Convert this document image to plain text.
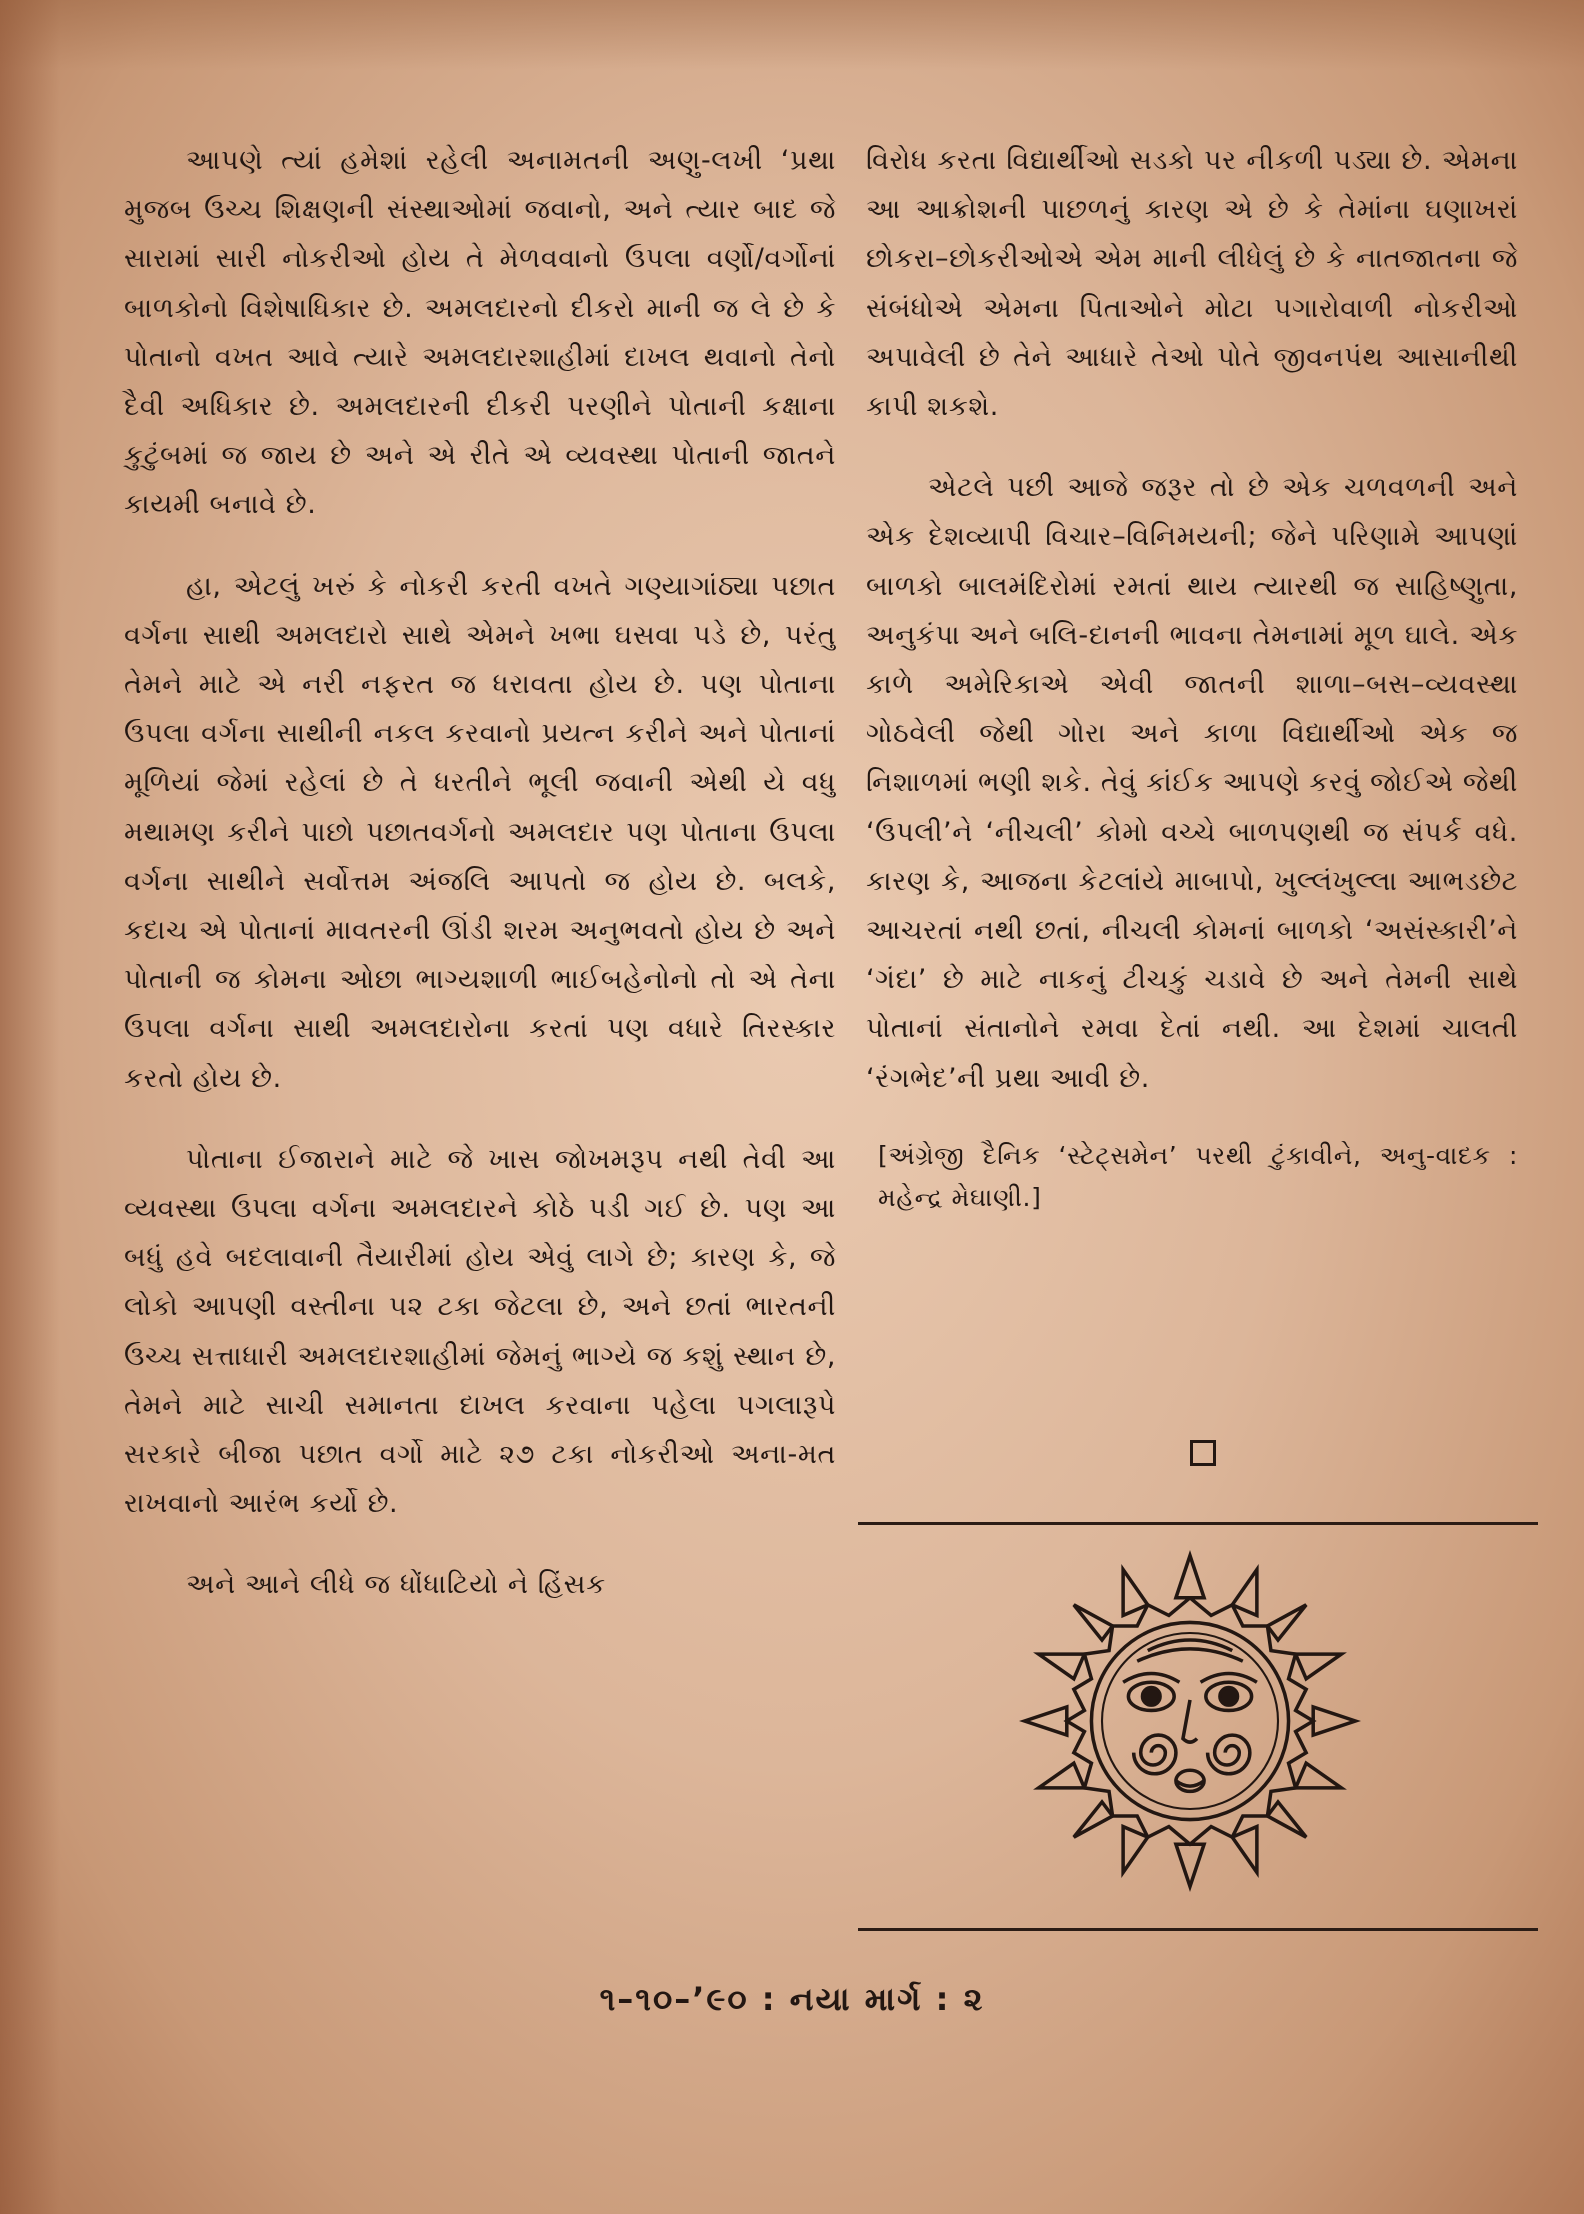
આપણે ત્યાં હમેશાં રહેલી અનામતની અણુ-લખી ‘પ્રથા મુજબ ઉચ્ચ શિક્ષણની સંસ્થાઓમાં જવાનો, અને ત્યાર બાદ જે સારામાં સારી નોકરીઓ હોય તે મેળવવાનો ઉપલા વર્ણો/વર્ગોનાં બાળકોનો વિશેષાધિકાર છે. અમલદારનો દીકરો માની જ લે છે કે પોતાનો વખત આવે ત્યારે અમલદારશાહીમાં દાખલ થવાનો તેનો દૈવી અધિકાર છે. અમલદારની દીકરી પરણીને પોતાની કક્ષાના કુટુંબમાં જ જાય છે અને એ રીતે એ વ્યવસ્થા પોતાની જાતને કાયમી બનાવે છે.

હા, એટલું ખરું કે નોકરી કરતી વખતે ગણ્યાગાંઠ્યા પછાત વર્ગના સાથી અમલદારો સાથે એમને ખભા ઘસવા પડે છે, પરંતુ તેમને માટે એ નરી નફરત જ ધરાવતા હોય છે. પણ પોતાના ઉપલા વર્ગના સાથીની નકલ કરવાનો પ્રયત્ન કરીને અને પોતાનાં મૂળિયાં જેમાં રહેલાં છે તે ધરતીને ભૂલી જવાની એથી યે વધુ મથામણ કરીને પાછો પછાતવર્ગનો અમલદાર પણ પોતાના ઉપલા વર્ગના સાથીને સર્વોત્તમ અંજલિ આપતો જ હોય છે. બલકે, કદાચ એ પોતાનાં માવતરની ઊંડી શરમ અનુભવતો હોય છે અને પોતાની જ કોમના ઓછા ભાગ્યશાળી ભાઈબહેનોનો તો એ તેના ઉપલા વર્ગના સાથી અમલદારોના કરતાં પણ વધારે તિરસ્કાર કરતો હોય છે.

પોતાના ઈજારાને માટે જે ખાસ જોખમરૂપ નથી તેવી આ વ્યવસ્થા ઉપલા વર્ગના અમલદારને કોઠે પડી ગઈ છે. પણ આ બધું હવે બદલાવાની તૈયારીમાં હોય એવું લાગે છે; કારણ કે, જે લોકો આપણી વસ્તીના ૫૨ ટકા જેટલા છે, અને છતાં ભારતની ઉચ્ચ સત્તાધારી અમલદારશાહીમાં જેમનું ભાગ્યે જ કશું સ્થાન છે, તેમને માટે સાચી સમાનતા દાખલ કરવાના પહેલા પગલારૂપે સરકારે બીજા પછાત વર્ગો માટે ૨૭ ટકા નોકરીઓ અના-મત રાખવાનો આરંભ કર્યો છે.

અને આને લીધે જ ધોંધાટિયો ને હિંસક

વિરોધ કરતા વિદ્યાર્થીઓ સડકો પર નીકળી પડ્યા છે. એમના આ આક્રોશની પાછળનું કારણ એ છે કે તેમાંના ઘણાખરાં છોકરા–છોકરીઓએ એમ માની લીધેલું છે કે નાતજાતના જે સંબંધોએ એમના પિતાઓને મોટા પગારોવાળી નોકરીઓ અપાવેલી છે તેને આધારે તેઓ પોતે જીવનપંથ આસાનીથી કાપી શકશે.

એટલે પછી આજે જરૂર તો છે એક ચળવળની અને એક દેશવ્યાપી વિચાર–વિનિમયની; જેને પરિણામે આપણાં બાળકો બાલમંદિરોમાં રમતાં થાય ત્યારથી જ સાહિષ્ણુતા, અનુકંપા અને બલિ-દાનની ભાવના તેમનામાં મૂળ ઘાલે. એક કાળે અમેરિકાએ એવી જાતની શાળા–બસ–વ્યવસ્થા ગોઠવેલી જેથી ગોરા અને કાળા વિદ્યાર્થીઓ એક જ નિશાળમાં ભણી શકે. તેવું કાંઈક આપણે કરવું જોઈએ જેથી ‘ઉપલી’ને ‘નીચલી’ કોમો વચ્ચે બાળપણથી જ સંપર્ક વધે. કારણ કે, આજના કેટલાંયે માબાપો, ખુલ્લંખુલ્લા આભડછેટ આચરતાં નથી છતાં, નીચલી કોમનાં બાળકો ‘અસંસ્કારી’ને ‘ગંદા’ છે માટે નાકનું ટીચકું ચડાવે છે અને તેમની સાથે પોતાનાં સંતાનોને રમવા દેતાં નથી. આ દેશમાં ચાલતી ‘રંગભેદ’ની પ્રથા આવી છે.

[અંગ્રેજી દૈનિક ‘સ્ટેટ્સમેન’ પરથી ટુંકાવીને, અનુ-વાદક : મહેન્દ્ર મેઘાણી.]

૧–૧૦–’૯૦ : નયા માર્ગ : ૨
